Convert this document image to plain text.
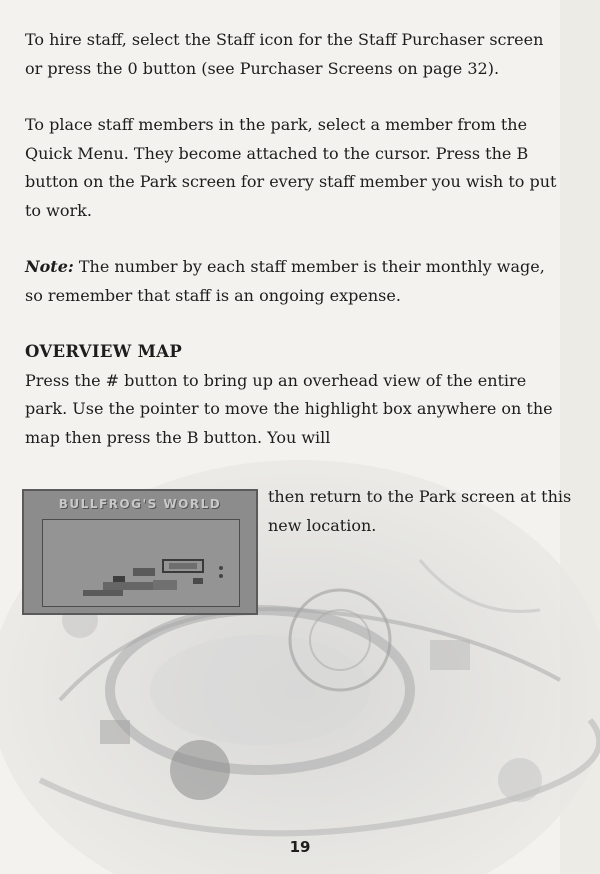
To hire staff, select the Staff icon for the Staff Purchaser screen or press the 0 button (see Purchaser Screens on page 32).

To place staff members in the park, select a member from the Quick Menu. They become attached to the cursor. Press the B button on the Park screen for every staff member you wish to put to work.

Note: The number by each staff member is their monthly wage, so remember that staff is an ongoing expense.

OVERVIEW MAP

Press the # button to bring up an overhead view of the entire park. Use the pointer to move the highlight box anywhere on the map then press the B button. You will

BULLFROG'S WORLD	then return to the Park screen at this new location.

19
